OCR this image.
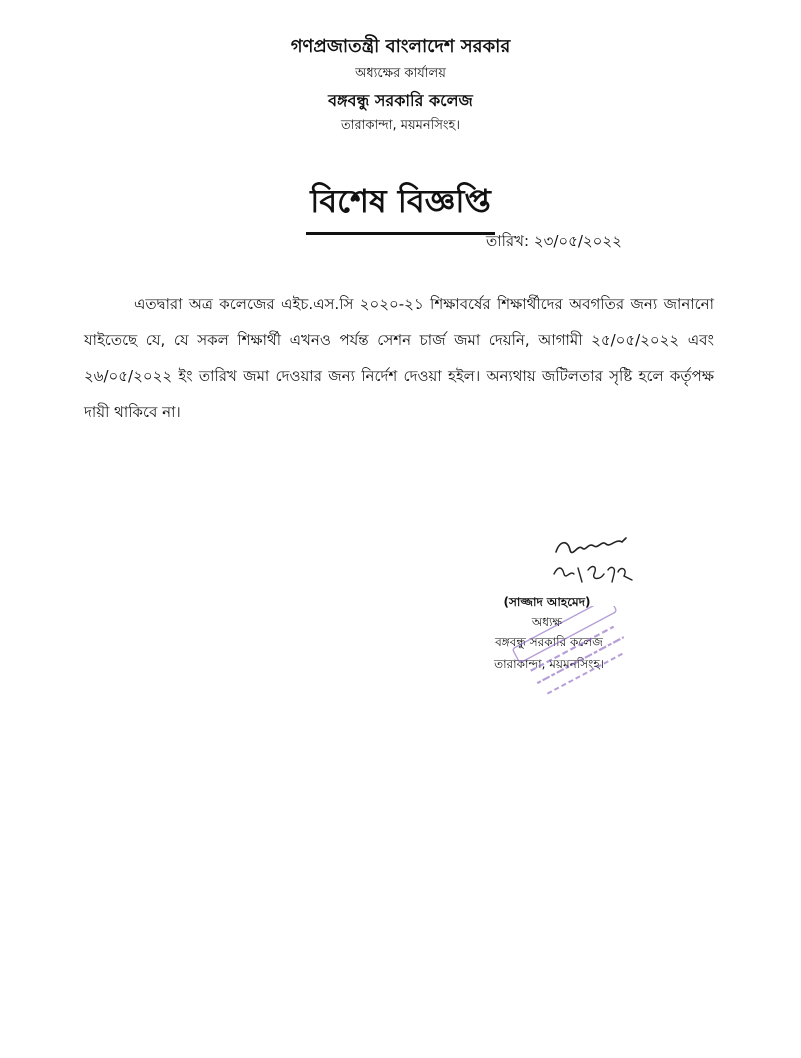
গণপ্রজাতন্ত্রী বাংলাদেশ সরকার
অধ্যক্ষের কার্যালয়
বঙ্গবন্ধু সরকারি কলেজ
তারাকান্দা, ময়মনসিংহ।
বিশেষ বিজ্ঞপ্তি
তারিখ: ২৩/০৫/২০২২
এতদ্বারা অত্র কলেজের এইচ.এস.সি ২০২০-২১ শিক্ষাবর্ষের শিক্ষার্থীদের অবগতির জন্য জানানো যাইতেছে যে, যে সকল শিক্ষার্থী এখনও পর্যন্ত সেশন চার্জ জমা দেয়নি, আগামী ২৫/০৫/২০২২ এবং ২৬/০৫/২০২২ ইং তারিখ জমা দেওয়ার জন্য নির্দেশ দেওয়া হইল। অন্যথায় জটিলতার সৃষ্টি হলে কর্তৃপক্ষ দায়ী থাকিবে না।
(সাজ্জাদ আহমেদ)
অধ্যক্ষ
বঙ্গবন্ধু সরকারি কলেজ
তারাকান্দা, ময়মনসিংহ।
